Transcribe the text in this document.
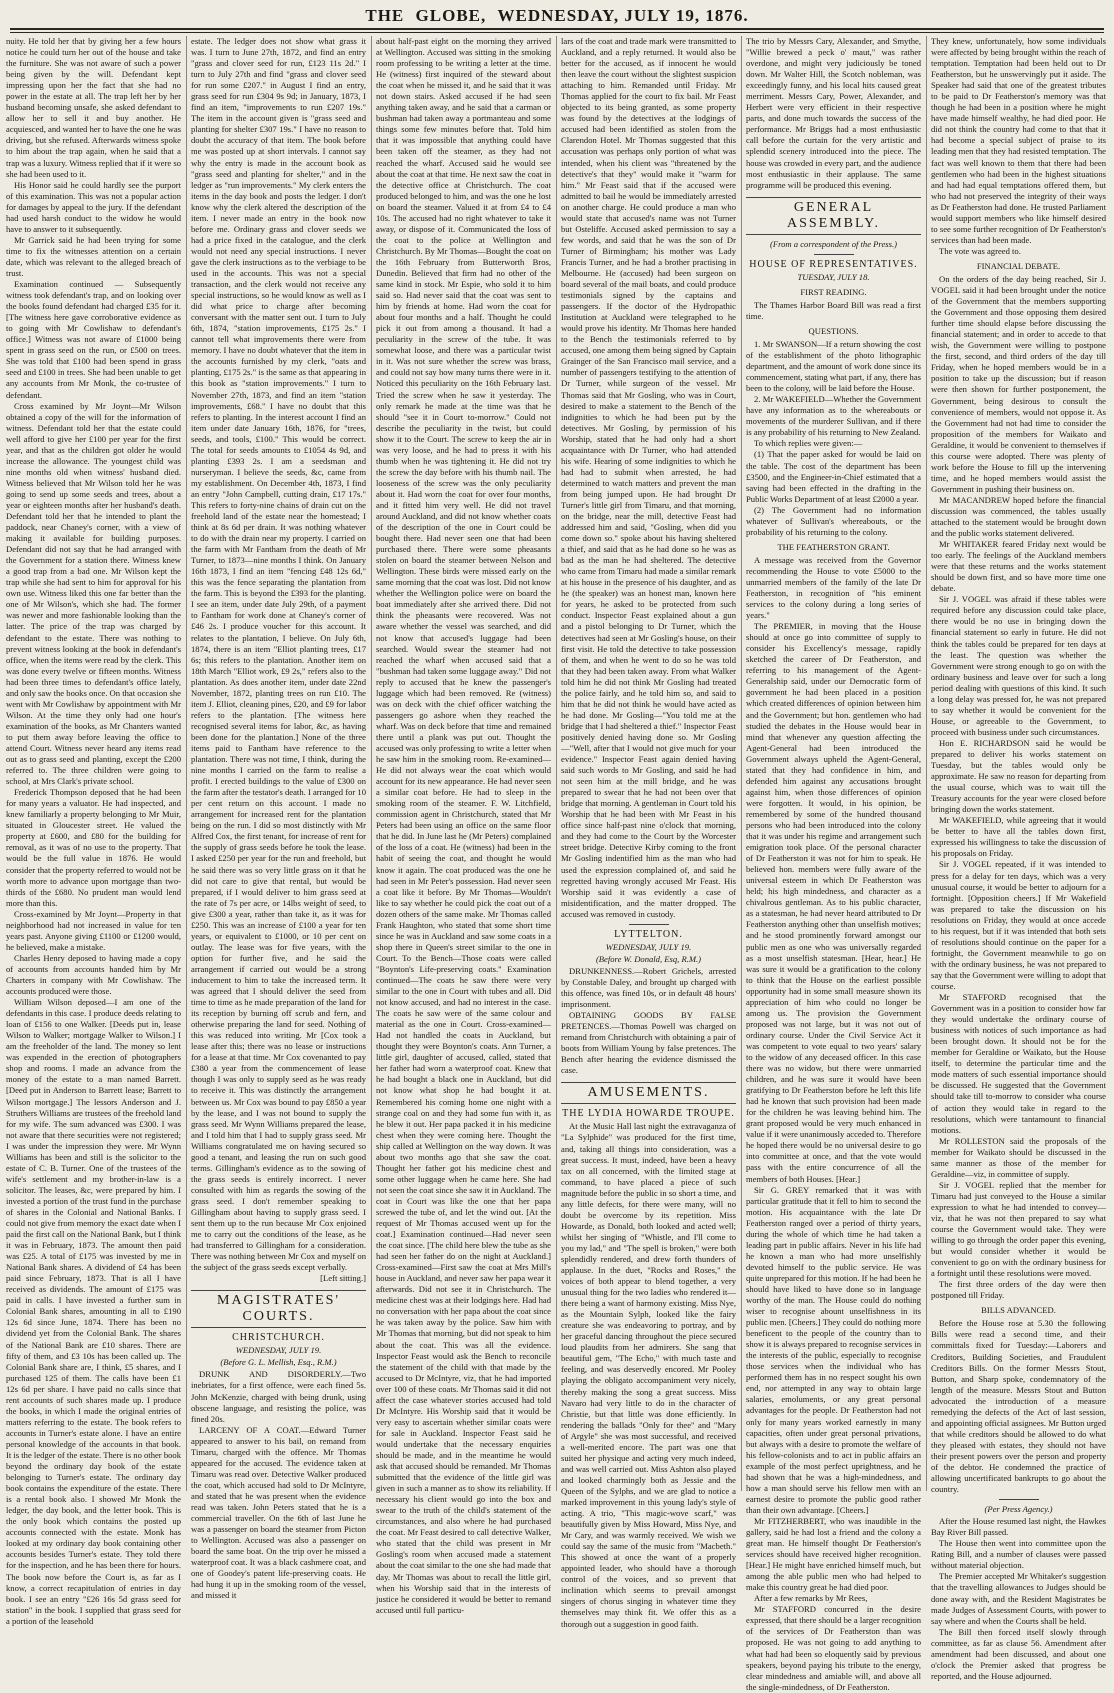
THE GLOBE, WEDNESDAY, JULY 19, 1876.

nuity. He told her that by giving her a few hours notice he could turn her out of the house and take the furniture. She was not aware of such a power being given by the will. Defendant kept impressing upon her the fact that she had no power in the estate at all. The trap left her by her husband becoming unsafe, she asked defendant to allow her to sell it and buy another. He acquiesced, and wanted her to have the one he was driving, but she refused. Afterwards witness spoke to him about the trap again, when he said that a trap was a luxury. Witness replied that if it were so she had been used to it.

His Honor said he could hardly see the purport of this examination. This was not a popular action for damages by appeal to the jury. If the defendant had used harsh conduct to the widow he would have to answer to it subsequently.

Mr Garrick said he had been trying for some time to fix the witnesses attention on a certain date, which was relevant to the alleged breach of trust.

Examination continued — Subsequently witness took defendant's trap, and on looking over the books found defendant had charged £35 for it. [The witness here gave corroborative evidence as to going with Mr Cowlishaw to defendant's office.] Witness was not aware of £1000 being spent in grass seed on the run, or £500 on trees. She was told that £100 had been spend in grass seed and £100 in trees. She had been unable to get any accounts from Mr Monk, the co-trustee of defendant.

Cross examined by Mr Joynt—Mr Wilson obtained a copy of the will for the information of witness. Defendant told her that the estate could well afford to give her £100 per year for the first year, and that as the children got older he would increase the allowance. The youngest child was nine months old when witness' husband died. Witness believed that Mr Wilson told her he was going to send up some seeds and trees, about a year or eighteen months after her husband's death. Defendant told her that he intended to plant the paddock, near Chaney's corner, with a view of making it available for building purposes. Defendant did not say that he had arranged with the Government for a station there. Witness knew a good trap from a bad one. Mr Wilson kept the trap while she had sent to him for approval for his own use. Witness liked this one far better than the one of Mr Wilson's, which she had. The former was newer and more fashionable looking than the latter. The price of the trap was charged by defendant to the estate. There was nothing to prevent witness looking at the book in defendant's office, when the items were read by the clerk. This was done every twelve or fifteen months. Witness had been three times to defendant's office lately, and only saw the books once. On that occasion she went with Mr Cowlishaw by appointment with Mr Wilson. At the time they only had one hour's examination of the books, as Mr Chanters wanted to put them away before leaving the office to attend Court. Witness never heard any items read out as to grass seed and planting, except the £200 referred to. The three children were going to school, at Mrs Clark's private school.

Frederick Thompson deposed that he had been for many years a valuator. He had inspected, and knew familiarly a property belonging to Mr Muir, situated in Gloucester street. He valued the property at £600, and £80 for the building for removal, as it was of no use to the property. That would be the full value in 1876. He would consider that the property referred to would not be worth more to advance upon mortgage than two-thirds of the £680. No prudent man would lend more than this.

Cross-examined by Mr Joynt—Property in that neighborhood had not increased in value for ten years past. Anyone giving £1100 or £1200 would, he believed, make a mistake.

Charles Henry deposed to having made a copy of accounts from accounts handed him by Mr Charters in company with Mr Cowlishaw. The accounts produced were those.

William Wilson deposed—I am one of the defendants in this case. I produce deeds relating to loan of £156 to one Walker. [Deeds put in, lease Wilson to Walker; mortgage Walker to Wilson.] I am the freeholder of the land. The money so lent was expended in the erection of photographers shop and rooms. I made an advance from the money of the estate to a man named Barrett. [Deed put in Anderson to Barrett lease; Barrett to Wilson mortgage.] The lessors Anderson and J. Struthers Williams are trustees of the freehold land for my wife. The sum advanced was £300. I was not aware that there securities were not registered; I was under the impression they were. Mr Wynn Williams has been and still is the solicitor to the estate of C. B. Turner. One of the trustees of the wife's settlement and my brother-in-law is a solicitor. The leases, &c, were prepared by him. I invested a portion of the trust fund in the purchase of shares in the Colonial and National Banks. I could not give from memory the exact date when I paid the first call on the National Bank, but I think it was in February, 1873. The amount then paid was £25. A total of £175 was invested by me in National Bank shares. A dividend of £4 has been paid since February, 1873. That is all I have received as dividends. The amount of £175 was paid in calls. I have invested a further sum in Colonial Bank shares, amounting in all to £190 12s 6d since June, 1874. There has been no dividend yet from the Colonial Bank. The shares of the National Bank are £10 shares. There are fifty of them, and £3 10s has been called up. The Colonial Bank share are, I think, £5 shares, and I purchased 125 of them. The calls have been £1 12s 6d per share. I have paid no calls since that rent accounts of such shares made up. I produce the books, in which I made the original entries of matters referring to the estate. The book refers to accounts in Turner's estate alone. I have an entire personal knowledge of the accounts in that book. It is the ledger of the estate. There is no other book beyond the ordinary day book of the estate belonging to Turner's estate. The ordinary day book contains the expenditure of the estate. There is a rental book also. I showed Mr Monk the ledger, the day book, and the letter book. This is the only book which contains the posted up accounts connected with the estate. Monk has looked at my ordinary day book containing other accounts besides Turner's estate. They told there for the inspection, and he has been there for hours. The book now before the Court is, as far as I know, a correct recapitulation of entries in day book. I see an entry "£26 16s 5d grass seed for station" in the book. I supplied that grass seed for a portion of the leasehold

estate. The ledger does not show what grass it was. I turn to June 27th, 1872, and find an entry "grass and clover seed for run, £123 11s 2d." I turn to July 27th and find "grass and clover seed for run some £207." in August I find an entry, grass seed for run £304 9s 9d; in January, 1873, I find an item, "improvements to run £207 19s." The item in the account given is "grass seed and planting for shelter £307 19s." I have no reason to doubt the accuracy of that item. The book before me was posted up at short intervals. I cannot say why the entry is made in the account book as "grass seed and planting for shelter," and in the ledger as "run improvements." My clerk enters the items in the day book and posts the ledger. I don't know why the clerk altered the description of the item. I never made an entry in the book now before me. Ordinary grass and clover seeds we had a price fixed in the catalogue, and the clerk would not need any special instructions. I never gave the clerk instructions as to the verbiage to be used in the accounts. This was not a special transaction, and the clerk would not receive any special instructions, so he would know as well as I did what price to charge after becoming conversant with the matter sent out. I turn to July 6th, 1874, "station improvements, £175 2s." I cannot tell what improvements there were from memory. I have no doubt whatever that the item in the accounts furnished by my clerk, "oats and planting, £175 2s." is the same as that appearing in this book as "station improvements." I turn to November 27th, 1873, and find an item "station improvements, £68." I have no doubt that this refers to planting. In the interest account I find an item under date January 16th, 1876, for "trees, seeds, and tools, £100." This would be correct. The total for seeds amounts to £1054 4s 9d, and planting £393 2s. I am a seedsman and nurseryman. I believe the seeds, &c, came from my establishment. On December 4th, 1873, I find an entry "John Campbell, cutting drain, £17 17s." This refers to forty-nine chains of drain cut on the freehold land of the estate near the homestead; I think at 8s 6d per drain. It was nothing whatever to do with the drain near my property. I carried on the farm with Mr Fantham from the death of Mr Turner, to 1873—nine months I think. On January 16th 1873, I find an item "fencing £48 12s 6d," this was the fence separating the plantation from the farm. This is beyond the £393 for the planting. I see an item, under date July 29th, of a payment to Fantham for work done at Chaney's corner of £46 2s. I produce voucher for this account. It relates to the plantation, I believe. On July 6th, 1874, there is an item "Elliot planting trees, £17 6s; this refers to the plantation. Another item on 18th March "Elliot work, £9 2s," refers also to the plantation. As does another item, under date 22nd November, 1872, planting trees on run £10. The item J. Elliot, cleaning pines, £20, and £9 for labor refers to the plantation. [The witness here recognised several items for labor, &c, as having been done for the plantation.] None of the three items paid to Fantham have reference to the plantation. There was not time, I think, during the nine months I carried on the farm to realise a profit. I erected buildings to the value of £300 on the farm after the testator's death. I arranged for 10 per cent return on this account. I made no arrangement for increased rent for the plantation being on the run. I did so most distinctly with Mr Alfred Cox, the first tenant, for increase of rent for the supply of grass seeds before he took the lease. I asked £250 per year for the run and freehold, but he said there was so very little grass on it that he did not care to give that rental, but would be prepared, if I would deliver to him grass seed at the rate of 7s per acre, or 14lbs weight of seed, to give £300 a year, rather than take it, as it was for £250. This was an increase of £100 a year for ten years, or equivalent to £1000, or 10 per cent on outlay. The lease was for five years, with the option for further five, and he said the arrangement if carried out would be a strong inducement to him to take the increased term. It was agreed that I should deliver the seed from time to time as he made preparation of the land for its reception by burning off scrub and fern, and otherwise preparing the land for seed. Nothing of this was reduced into writing. Mr [Cox took a lease after this; there was no lease or instructions for a lease at that time. Mr Cox covenanted to pay £380 a year from the commencement of lease though I was only to supply seed as he was ready to receive it. This was distinctly the arrangement between us. Mr Cox was bound to pay £850 a year by the lease, and I was not bound to supply the grass seed. Mr Wynn Williams prepared the lease, and I told him that I had to supply grass seed. Mr Williams congratulated me on having secured so good a tenant, and leasing the run on such good terms. Gillingham's evidence as to the sowing of the grass seeds is entirely incorrect. I never consulted with him as regards the sowing of the grass seed. I don't remember speaking to Gillingham about having to supply grass seed. I sent them up to the run because Mr Cox enjoined me to carry out the conditions of the lease, as he had transferred to Gillingham for a consideration. There was nothing between Mr Cox and myself on the subject of the grass seeds except verbally.

[Left sitting.]

MAGISTRATES' COURTS.
CHRISTCHURCH.
WEDNESDAY, JULY 19.
(Before G. L. Mellish, Esq., R.M.)

DRUNK AND DISORDERLY.—Two inebriates, for a first offence, were each fined 5s. John McKenzie, charged with being drunk, using obscene language, and resisting the police, was fined 20s.

LARCENY OF A COAT.—Edward Turner appeared to answer to his bail, on remand from Timaru, charged with the offence. Mr Thomas appeared for the accused. The evidence taken at Timaru was read over. Detective Walker produced the coat, which accused had sold to Dr McIntyre, and stated that he was present when the evidence read was taken. John Peters stated that he is a commercial traveller. On the 6th of last June he was a passenger on board the steamer from Picton to Wellington. Accused was also a passenger on board the same boat. On the trip over he missed a waterproof coat. It was a black cashmere coat, and one of Goodey's patent life-preserving coats. He had hung it up in the smoking room of the vessel, and missed it

about half-past eight on the morning they arrived at Wellington. Accused was sitting in the smoking room professing to be writing a letter at the time. He (witness) first inquired of the steward about the coat when he missed it, and he said that it was not down stairs. Asked accused if he had seen anything taken away, and he said that a carman or bushman had taken away a portmanteau and some things some few minutes before that. Told him that it was impossible that anything could have been taken off the steamer, as they had not reached the wharf. Accused said he would see about the coat at that time. He next saw the coat in the detective office at Christchurch. The coat produced belonged to him, and was the one he lost on board the steamer. Valued it at from £4 to £4 10s. The accused had no right whatever to take it away, or dispose of it. Communicated the loss of the coat to the police at Wellington and Christchurch. By Mr Thomas—Bought the coat on the 16th February from Butterworth Bros, Dunedin. Believed that firm had no other of the same kind in stock. Mr Espie, who sold it to him said so. Had never said that the coat was sent to him by friends at home. Had worn the coat for about four months and a half. Thought he could pick it out from among a thousand. It had a peculiarity in the screw of the tube. It was somewhat loose, and there was a particular twist in it. Was not sure whether the screw was brass, and could not say how many turns there were in it. Noticed this peculiarity on the 16th February last. Tried the screw when he saw it yesterday. The only remark he made at the time was that he should "see it in Court to-morrow." Could not describe the peculiarity in the twist, but could show it to the Court. The screw to keep the air in was very loose, and he had to press it with his thumb when he was tightening it. He did not try the screw the day before with his thumb nail. The looseness of the screw was the only peculiarity about it. Had worn the coat for over four months, and it fitted him very well. He did not travel around Auckland, and did not know whether coats of the description of the one in Court could be bought there. Had never seen one that had been purchased there. There were some pheasants stolen on board the steamer between Nelson and Wellington. These birds were missed early on the same morning that the coat was lost. Did not know whether the Wellington police were on board the boat immediately after she arrived there. Did not think the pheasants were recovered. Was not aware whether the vessel was searched, and did not know that accused's luggage had been searched. Would swear the steamer had not reached the wharf when accused said that a "bushman had taken some luggage away." Did not reply to accused that he knew the passenger's luggage which had been removed. Re (witness) was on deck with the chief officer watching the passengers go ashore when they reached the wharf. Was on deck before that time and remained there until a plank was put out. Thought the accused was only professing to write a letter when he saw him in the smoking room. Re-examined—He did not always wear the coat which would account for its new appearance. He had never seen a similar coat before. He had to sleep in the smoking room of the steamer. F. W. Litchfield, commission agent in Christchurch, stated that Mr Peters had been using an office on the same floor that he did. In June last he (Mr Peters) complained of the loss of a coat. He (witness) had been in the habit of seeing the coat, and thought he would know it again. The coat produced was the one he had seen in Mr Peter's possession. Had never seen a coat like it before. By Mr Thomas—Wouldn't like to say whether he could pick the coat out of a dozen others of the same make. Mr Thomas called Frank Haughton, who stated that some short time since he was in Auckland and saw some coats in a shop there in Queen's street similar to the one in Court. To the Bench—Those coats were called "Boynton's Life-preserving coats." Examination continued—The coats he saw there were very similar to the one in Court with tubes and all. Did not know accused, and had no interest in the case. The coats he saw were of the same colour and material as the one in Court. Cross-examined—Had not handled the coats in Auckland, but thought they were Boynton's coats. Ann Turner, a little girl, daughter of accused, called, stated that her father had worn a waterproof coat. Knew that he had bought a black one in Auckland, but did not know what shop he had bought it at. Remembered his coming home one night with a strange coal on and they had some fun with it, as he blew it out. Her papa packed it in his medicine chest when they were coming here. Thought the ship called at Wellington on the way down. It was about two months ago that she saw the coat. Thought her father got his medicine chest and some other luggage when he came here. She had not seen the coat since she saw it in Auckland. The coat in Court was like the one that her papa screwed the tube of, and let the wind out. [At the request of Mr Thomas accused went up for the coat.] Examination continued—Had never seen the coat since. [The child here blew the tube as she had seen her father do on the night at Auckland.] Cross-examined—First saw the coat at Mrs Mill's house in Auckland, and never saw her papa wear it afterwards. Did not see it in Christchurch. The medicine chest was at their lodgings here. Had had no conversation with her papa about the coat since he was taken away by the police. Saw him with Mr Thomas that morning, but did not speak to him about the coat. This was all the evidence. Inspector Feast would ask the Bench to reconcile the statement of the child with that made by the accused to Dr McIntyre, viz, that he had imported over 100 of these coats. Mr Thomas said it did not affect the case whatever stories accused had told Dr McIntyre. His Worship said that it would be very easy to ascertain whether similar coats were for sale in Auckland. Inspector Feast said he would undertake that the necessary enquiries should be made, and in the meantime he would ask that accused should be remanded. Mr Thomas submitted that the evidence of the little girl was given in such a manner as to show its reliability. If necessary his client would go into the box and swear to the truth of the child's statement of the circumstances, and also where he had purchased the coat. Mr Feast desired to call detective Walker, who stated that the child was present in Mr Gosling's room when accused made a statement about the coat similar to the one she had made that day. Mr Thomas was about to recall the little girl, when his Worship said that in the interests of justice he considered it would be better to remand accused until full particu-

lars of the coat and trade mark were transmitted to Auckland, and a reply returned. It would also be better for the accused, as if innocent he would then leave the court without the slightest suspicion attaching to him. Remanded until Friday. Mr Thomas applied for the court to fix bail. Mr Feast objected to its being granted, as some property was found by the detectives at the lodgings of accused had been identified as stolen from the Clarendon Hotel. Mr Thomas suggested that this accusation was perhaps only portion of what was intended, when his client was "threatened by the detective's that they" would make it "warm for him." Mr Feast said that if the accused were admitted to bail he would be immediately arrested on another charge. He could produce a man who would state that accused's name was not Turner but Osteliffe. Accused asked permission to say a few words, and said that he was the son of Dr Turner of Birmingham; his mother was Lady Francis Turner, and he had a brother practising in Melbourne. He (accused) had been surgeon on board several of the mail boats, and could produce testimonials signed by the captains and passengers. If the doctor of the Hydropathic Institution at Auckland were telegraphed to he would prove his identity. Mr Thomas here handed to the Bench the testimonials referred to by accused, one among them being signed by Captain Grainger of the San Francisco mail service, and a number of passengers testifying to the attention of Dr Turner, while surgeon of the vessel. Mr Thomas said that Mr Gosling, who was in Court, desired to make a statement to the Bench of the indignities to which he had been put by the detectives. Mr Gosling, by permission of his Worship, stated that he had only had a short acquaintance with Dr Turner, who had attended his wife. Hearing of some indignities to which he had had to submit when arrested, he had determined to watch matters and prevent the man from being jumped upon. He had brought Dr Turner's little girl from Timaru, and that morning, on the bridge, near the mill, detective Feast had addressed him and said, "Gosling, when did you come down so." spoke about his having sheltered a thief, and said that as he had done so he was as bad as the man he had sheltered. The detective who came from Timaru had made a similar remark at his house in the presence of his daughter, and as he (the speaker) was an honest man, known here for years, he asked to be protected from such conduct. Inspector Feast explained about a gun and a pistol belonging to Dr Turner, which the detectives had seen at Mr Gosling's house, on their first visit. He told the detective to take possession of them, and when he went to do so he was told that they had been taken away. From what Walker told him he did not think Mr Gosling had treated the police fairly, and he told him so, and said to him that he did not think he would have acted as he had done. Mr Gosling—"You told me at the bridge that I had sheltered a thief." Inspector Feast positively denied having done so. Mr Gosling—"Well, after that I would not give much for your evidence." Inspector Feast again denied having said such words to Mr Gosling, and said he had not seen him at the mill bridge, and he was prepared to swear that he had not been over that bridge that morning. A gentleman in Court told his Worship that he had been with Mr Feast in his office since half-past nine o'clock that morning, and they had come to the Court by the Worcester street bridge. Detective Kirby coming to the front Mr Gosling indentified him as the man who had used the expression complained of, and said he regretted having wrongly accused Mr Feast. His Worship said it was evidently a case of misidentification, and the matter dropped. The accused was removed in custody.

LYTTELTON.
WEDNESDAY, JULY 19.
(Before W. Donald, Esq, R.M.)

DRUNKENNESS.—Robert Grichels, arrested by Constable Daley, and brought up charged with this offence, was fined 10s, or in default 48 hours' imprisonment.

OBTAINING GOODS BY FALSE PRETENCES.—Thomas Powell was charged on remand from Christchurch with obtaining a pair of boots from William Young by false pretences. The Bench after hearing the evidence dismissed the case.

AMUSEMENTS.
THE LYDIA HOWARDE TROUPE.

At the Music Hall last night the extravaganza of "La Sylphide" was produced for the first time, and, taking all things into consideration, was a great success. It must, indeed, have been a heavy tax on all concerned, with the limited stage at command, to have placed a piece of such magnitude before the public in so short a time, and any little defects, for there were many, will no doubt be overcome by its repetition. Miss Howarde, as Donald, both looked and acted well; whilst her singing of "Whistle, and I'll come to you my lad," and "The spell is broken," were both splendidly rendered, and drew forth thunders of applause. In the duet, "Rocks and Roses," the voices of both appear to blend together, a very unusual thing for the two ladies who rendered it—there being a want of harmony existing. Miss Nye, as the Mountain Sylph, looked like the fairy creature she was endeavoring to portray, and by her graceful dancing throughout the piece secured loud plaudits from her admirers. She sang that beautiful gem, "The Echo," with much taste and feeling, and was deservedly encored. Mr Pooley playing the obligato accompaniment very nicely, thereby making the song a great success. Miss Navaro had very little to do in the character of Christie, but that little was done efficiently. In rendering the ballads "Only for thee" and "Mary of Argyle" she was most successful, and received a well-merited encore. The part was one that suited her physique and acting very much indeed, and was well carried out. Miss Ashton also played and looked charmingly both as Jessie and the Queen of the Sylphs, and we are glad to notice a marked improvement in this young lady's style of acting. A trio, "This magic-wove scarf," was beautifully given by Miss Howard, Miss Nye, and Mr Cary, and was warmly received. We wish we could say the same of the music from "Macbeth." This showed at once the want of a properly appointed leader, who should have a thorough control of the voices, and so prevent that inclination which seems to prevail amongst singers of chorus singing in whatever time they themselves may think fit. We offer this as a thorough out a suggestion in good faith.

The trio by Messrs Cary, Alexander, and Smythe, "Willie brewed a peck o' maut," was rather overdone, and might very judiciously be toned down. Mr Walter Hill, the Scotch nobleman, was exceedingly funny, and his local hits caused great merriment. Messrs Cary, Power, Alexander, and Herbert were very efficient in their respective parts, and done much towards the success of the performance. Mr Briggs had a most enthusiastic call before the curtain for the very artistic and splendid scenery introduced into the piece. The house was crowded in every part, and the audience most enthusiastic in their applause. The same programme will be produced this evening.

GENERAL ASSEMBLY.
(From a correspondent of the Press.)
HOUSE OF REPRESENTATIVES.
TUESDAY, JULY 18.
FIRST READING.

The Thames Harbor Board Bill was read a first time.

QUESTIONS.

1. Mr SWANSON—If a return showing the cost of the establishment of the photo lithographic department, and the amount of work done since its commencement, stating what part, if any, there has been to the colony, will be laid before the House.

2. Mr WAKEFIELD—Whether the Government have any information as to the whereabouts or movements of the murderer Sullivan, and if there is any probability of his returning to New Zealand.

To which replies were given:—

(1) That the paper asked for would be laid on the table. The cost of the department has been £3500, and the Engineer-in-Chief estimated that a saving had been effected in the drafting in the Public Works Department of at least £2000 a year.

(2) The Government had no information whatever of Sullivan's whereabouts, or the probability of his returning to the colony.

THE FEATHERSTON GRANT.

A message was received from the Governor recommending the House to vote £5000 to the unmarried members of the family of the late Dr Featherston, in recognition of "his eminent services to the colony during a long series of years."

The PREMIER, in moving that the House should at once go into committee of supply to consider his Excellency's message, rapidly sketched the career of Dr Featherston, and referring to his management of the Agent-Generalship said, under our Democratic form of government he had been placed in a position which created differences of opinion between him and the Government; but hon. gentlemen who had studied the debates in the House would bear in mind that whenever any question affecting the Agent-General had been introduced the Government always upheld the Agent-General, stated that they had confidence in him, and defended him against any accusations brought against him, when those differences of opinion were forgotten. It would, in his opinion, be remembered by some of the hundred thousand persons who had been introduced into the colony that it was under his regime and arrangement such emigration took place. Of the personal character of Dr Featherston it was not for him to speak. He believed hon. members were fully aware of the universal esteem in which Dr Featherston was held; his high mindedness, and character as a chivalrous gentleman. As to his public character, as a statesman, he had never heard attributed to Dr Featherston anything other than unselfish motives; and he stood prominently forward amongst our public men as one who was universally regarded as a most unselfish statesman. [Hear, hear.] He was sure it would be a gratification to the colony to think that the House on the earliest possible opportunity had in some small measure shown its appreciation of him who could no longer be among us. The provision the Government proposed was not large, but it was not out of ordinary course. Under the Civil Service Act it was competent to vote equal to two years' salary to the widow of any deceased officer. In this case there was no widow, but there were unmarried children, and he was sure it would have been gratifying to Dr Featherston before he left this life had he known that such provision had been made for the children he was leaving behind him. The grant proposed would be very much enhanced in value if it were unanimously acceded to. Therefore he hoped there would be no universal desire to go into committee at once, and that the vote would pass with the entire concurrence of all the members of both Houses. [Hear.]

Sir G. GREY remarked that it was with particular gratitude that it fell to him to second the motion. His acquaintance with the late Dr Featherston ranged over a period of thirty years, during the whole of which time he had taken a leading part in public affairs. Never in his life had he known a man who had more unselfishly devoted himself to the public service. He was quite unprepared for this motion. If he had been he should have liked to have done so in language worthy of the man. The House could do nothing wiser to recognise abount unselfishness in its public men. [Cheers.] They could do nothing more beneficent to the people of the country than to show it is always prepared to recognise services in the interests of the public, especially to recognise those services when the individual who has performed them has in no respect sought his own end, nor attempted in any way to obtain large salaries, emoluments, or any great personal advantages for the people. Dr Featherston had not only for many years worked earnestly in many capacities, often under great personal privations, but always with a desire to promote the welfare of his fellow-colonists and to act in public affairs an example of the most perfect uprightness, and he had shown that he was a high-mindedness, and how a man should serve his fellow men with an earnest desire to promote the public good rather than their own advantage. [Cheers.]

Mr FITZHERBERT, who was inaudible in the gallery, said he had lost a friend and the colony a great man. He himself thought Dr Featherston's services should have received higher recognition. [Hear.] He might have enriched himself much, but among the able public men who had helped to make this country great he had died poor.

After a few remarks by Mr Rees,

Mr STAFFORD concurred in the desire expressed, that there should be a larger recognition of the services of Dr Featherston than was proposed. He was not going to add anything to what had had been so eloquently said by previous speakers, beyond paying his tribute to the energy, clear mindedness and amiable will, and above all the single-mindedness, of Dr Featherston.

They knew, unfortunately, how some individuals were affected by being brought within the reach of temptation. Temptation had been held out to Dr Featherston, but he unswervingly put it aside. The Speaker had said that one of the greatest tributes to be paid to Dr Featherston's memory was that though he had been in a position where he might have made himself wealthy, he had died poor. He did not think the country had come to that that it had become a special subject of praise to its leading men that they had resisted temptation. The fact was well known to them that there had been gentlemen who had been in the highest situations and had had equal temptations offered them, but who had not preserved the integrity of their ways as Dr Featherston had done. He trusted Parliament would support members who like himself desired to see some further recognition of Dr Featherston's services than had been made.

The vote was agreed to.

FINANCIAL DEBATE.

On the orders of the day being reached, Sir J. VOGEL said it had been brought under the notice of the Government that the members supporting the Government and those opposing them desired further time should elapse before discussing the financial statement; and in order to accede to that wish, the Government were willing to postpone the first, second, and third orders of the day till Friday, when he hoped members would be in a position to take up the discussion; but if reason were then shown for further postponement, the Government, being desirous to consult the convenience of members, would not oppose it. As the Government had not had time to consider the proposition of the members for Waikato and Geraldine, it would be convenient to themselves if this course were adopted. There was plenty of work before the House to fill up the intervening time, and he hoped members would assist the Government in pushing their business on.

Mr MACANDREW hoped before the financial discussion was commenced, the tables usually attached to the statement would be brought down and the public works statement delivered.

Mr WHITAKER feared Friday next would be too early. The feelings of the Auckland members were that these returns and the works statement should be down first, and so have more time one debate.

Sir J. VOGEL was afraid if these tables were required before any discussion could take place, there would be no use in bringing down the financial statement so early in future. He did not think the tables could be prepared for ten days at the least. The question was whether the Government were strong enough to go on with the ordinary business and leave over for such a long period dealing with questions of this kind. It such a long delay was pressed for, he was not prepared to say whether it would be convenient for the House, or agreeable to the Government, to proceed with business under such circumstances.

Hon E. RICHARDSON said he would be prepared to deliver his works statement on Tuesday, but the tables would only be approximate. He saw no reason for departing from the usual course, which was to wait till the Treasury accounts for the year were closed before bringing down the works statement.

Mr WAKEFIELD, while agreeing that it would be better to have all the tables down first, expressed his willingness to take the discussion of his proposals on Friday.

Sir J. VOGEL repeated, if it was intended to press for a delay for ten days, which was a very unusual course, it would be better to adjourn for a fortnight. [Opposition cheers.] If Mr Wakefield was prepared to take the discussion on his resolutions on Friday, they would at once accede to his request, but if it was intended that both sets of resolutions should continue on the paper for a fortnight, the Government meanwhile to go on with the ordinary business, he was not prepared to say that the Government were willing to adopt that course.

Mr STAFFORD recognised that the Government was in a position to consider how far they would undertake the ordinary course of business with notices of such importance as had been brought down. It should not be for the member for Geraldine or Waikato, but the House itself, to determine the particular time and the mode matters of such essential importance should be discussed. He suggested that the Government should take till to-morrow to consider wha course of action they would take in regard to the resolutions, which were tantamount to financial motions.

Mr ROLLESTON said the proposals of the member for Waikato should be discussed in the same manner as those of the member for Geraldine—viz, in committee of supply.

Sir J. VOGEL replied that the member for Timaru had just conveyed to the House a similar expression to what he had intended to convey—viz, that he was not then prepared to say what course the Government would take. They were willing to go through the order paper this evening, but would consider whether it would be convenient to go on with the ordinary business for a fortnight until these resolutions were moved.

The first three orders of the day were then postponed till Friday.

BILLS ADVANCED.

Before the House rose at 5.30 the following Bills were read a second time, and their committals fixed for Tuesday:—Laborers and Creditors, Building Societies, and Fraudulent Creditors Bills. On the former Messrs Stout, Button, and Sharp spoke, condemnatory of the length of the measure. Messrs Stout and Button advocated the introduction of a measure remedying the defects of the Act of last session, and appointing official assignees. Mr Button urged that while creditors should be allowed to do what they pleased with estates, they should not have their present powers over the person and property of the debtor. He condemned the practice of allowing uncertificated bankrupts to go about the country.

(Per Press Agency.)

After the House resumed last night, the Hawkes Bay River Bill passed.

The House then went into committee upon the Rating Bill, and a number of clauses were passed without material objection.

The Premier accepted Mr Whitaker's suggestion that the travelling allowances to Judges should be done away with, and the Resident Magistrates be made Judges of Assessment Courts, with power to say where and when the Courts shall be held.

The Bill then forced itself slowly through committee, as far as clause 56. Amendment after amendment had been discussed, and about one o'clock the Premier asked that progress be reported, and the House adjourned.
